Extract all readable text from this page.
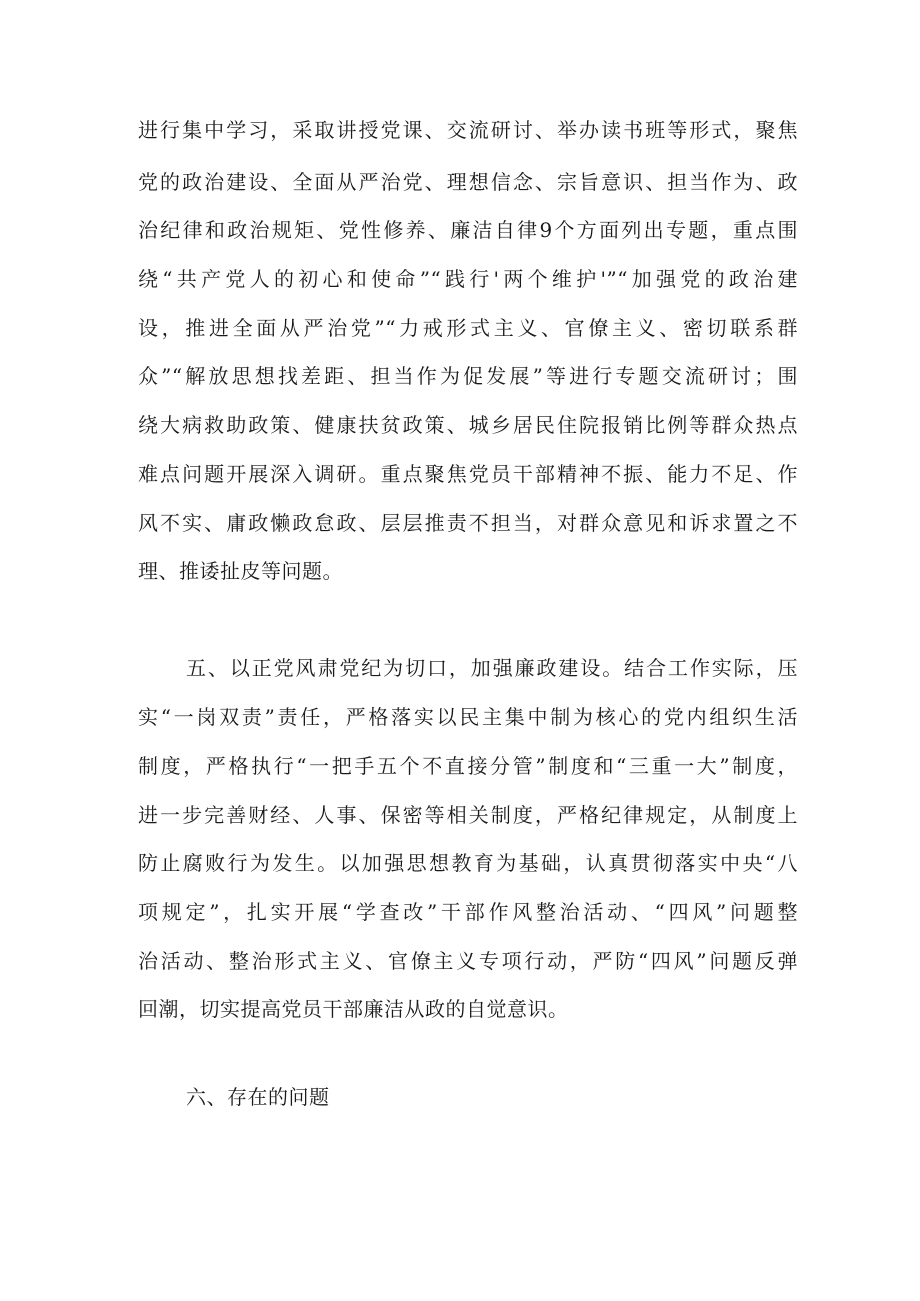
进行集中学习，采取讲授党课、交流研讨、举办读书班等形式，聚焦
党的政治建设、全面从严治党、理想信念、宗旨意识、担当作为、政
治纪律和政治规矩、党性修养、廉洁自律9个方面列出专题，重点围
绕“共产党人的初心和使命”“践行'两个维护'”“加强党的政治建
设，推进全面从严治党”“力戒形式主义、官僚主义、密切联系群
众”“解放思想找差距、担当作为促发展”等进行专题交流研讨；围
绕大病救助政策、健康扶贫政策、城乡居民住院报销比例等群众热点
难点问题开展深入调研。重点聚焦党员干部精神不振、能力不足、作
风不实、庸政懒政怠政、层层推责不担当，对群众意见和诉求置之不
理、推诿扯皮等问题。
五、以正党风肃党纪为切口，加强廉政建设。结合工作实际，压
实“一岗双责”责任，严格落实以民主集中制为核心的党内组织生活
制度，严格执行“一把手五个不直接分管”制度和“三重一大”制度，
进一步完善财经、人事、保密等相关制度，严格纪律规定，从制度上
防止腐败行为发生。以加强思想教育为基础，认真贯彻落实中央“八
项规定”，扎实开展“学查改”干部作风整治活动、“四风”问题整
治活动、整治形式主义、官僚主义专项行动，严防“四风”问题反弹
回潮，切实提高党员干部廉洁从政的自觉意识。
六、存在的问题
